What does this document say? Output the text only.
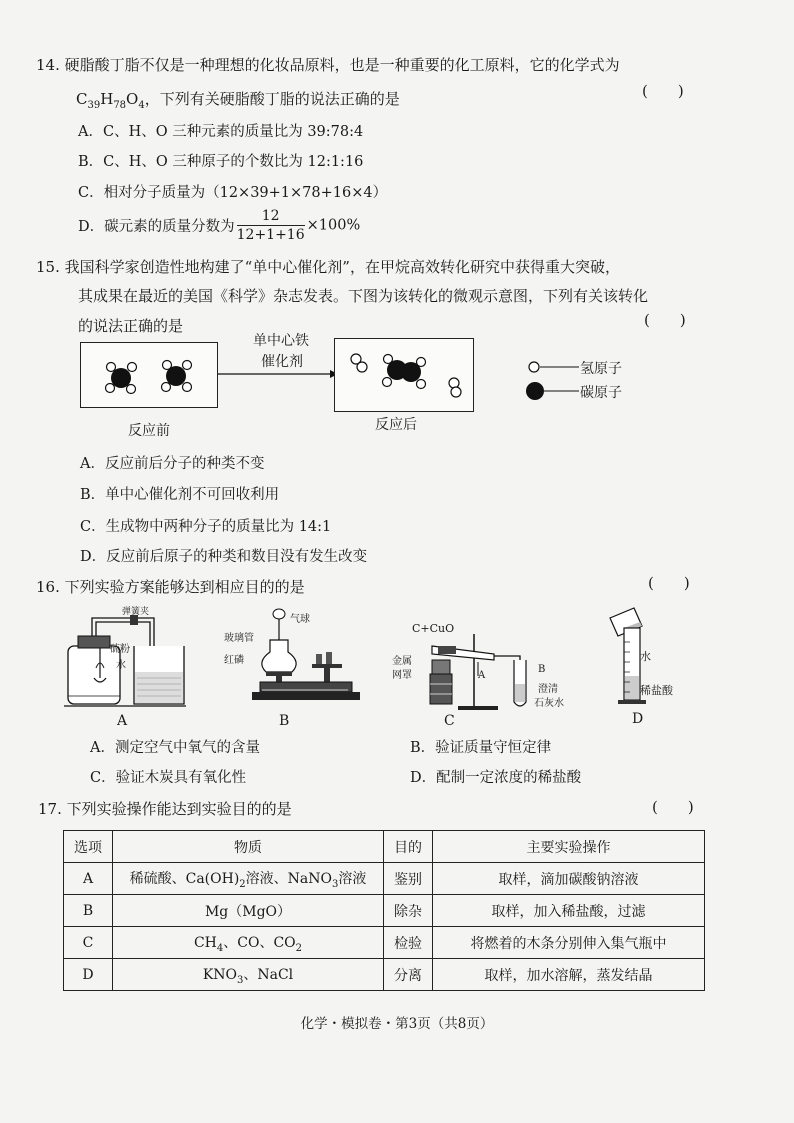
14. 硬脂酸丁脂不仅是一种理想的化妆品原料，也是一种重要的化工原料，它的化学式为
$C_{39}H_{78}O_4$，下列有关硬脂酸丁脂的说法正确的是	(　　)
A．C、H、O 三种元素的质量比为 39:78:4
B．C、H、O 三种原子的个数比为 12:1:16
C．相对分子质量为（12×39+1×78+16×4）
D．碳元素的质量分数为 $\frac{12}{12+1+16} \times 100\%$
15. 我国科学家创造性地构建了“单中心催化剂”，在甲烷高效转化研究中获得重大突破，
其成果在最近的美国《科学》杂志发表。下图为该转化的微观示意图，下列有关该转化
的说法正确的是	(　　)
单中心铁
催化剂
反应前	反应后
氢原子
碳原子
A．反应前后分子的种类不变
B．单中心催化剂不可回收利用
C．生成物中两种分子的质量比为 14:1
D．反应前后原子的种类和数目没有发生改变
16. 下列实验方案能够达到相应目的的是	(　　)
弹簧夹
硫粉
水
A
气球
玻璃管
红磷
B
C+CuO
金属
网罩	A
B
澄清
石灰水
C
水
稀盐酸
D
A．测定空气中氧气的含量	B．验证质量守恒定律
C．验证木炭具有氧化性	D．配制一定浓度的稀盐酸
17. 下列实验操作能达到实验目的的是	(　　)
选项	物质	目的	主要实验操作
A	稀硫酸、$Ca(OH)_2$溶液、NaNO$_3$溶液	鉴别	取样，滴加碳酸钠溶液
B	Mg（MgO）	除杂	取样，加入稀盐酸，过滤
C	$CH_4$、CO、$CO_2$	检验	将燃着的木条分别伸入集气瓶中
D	$KNO_3$、NaCl	分离	取样，加水溶解，蒸发结晶
化学・模拟卷・第3页（共8页）
